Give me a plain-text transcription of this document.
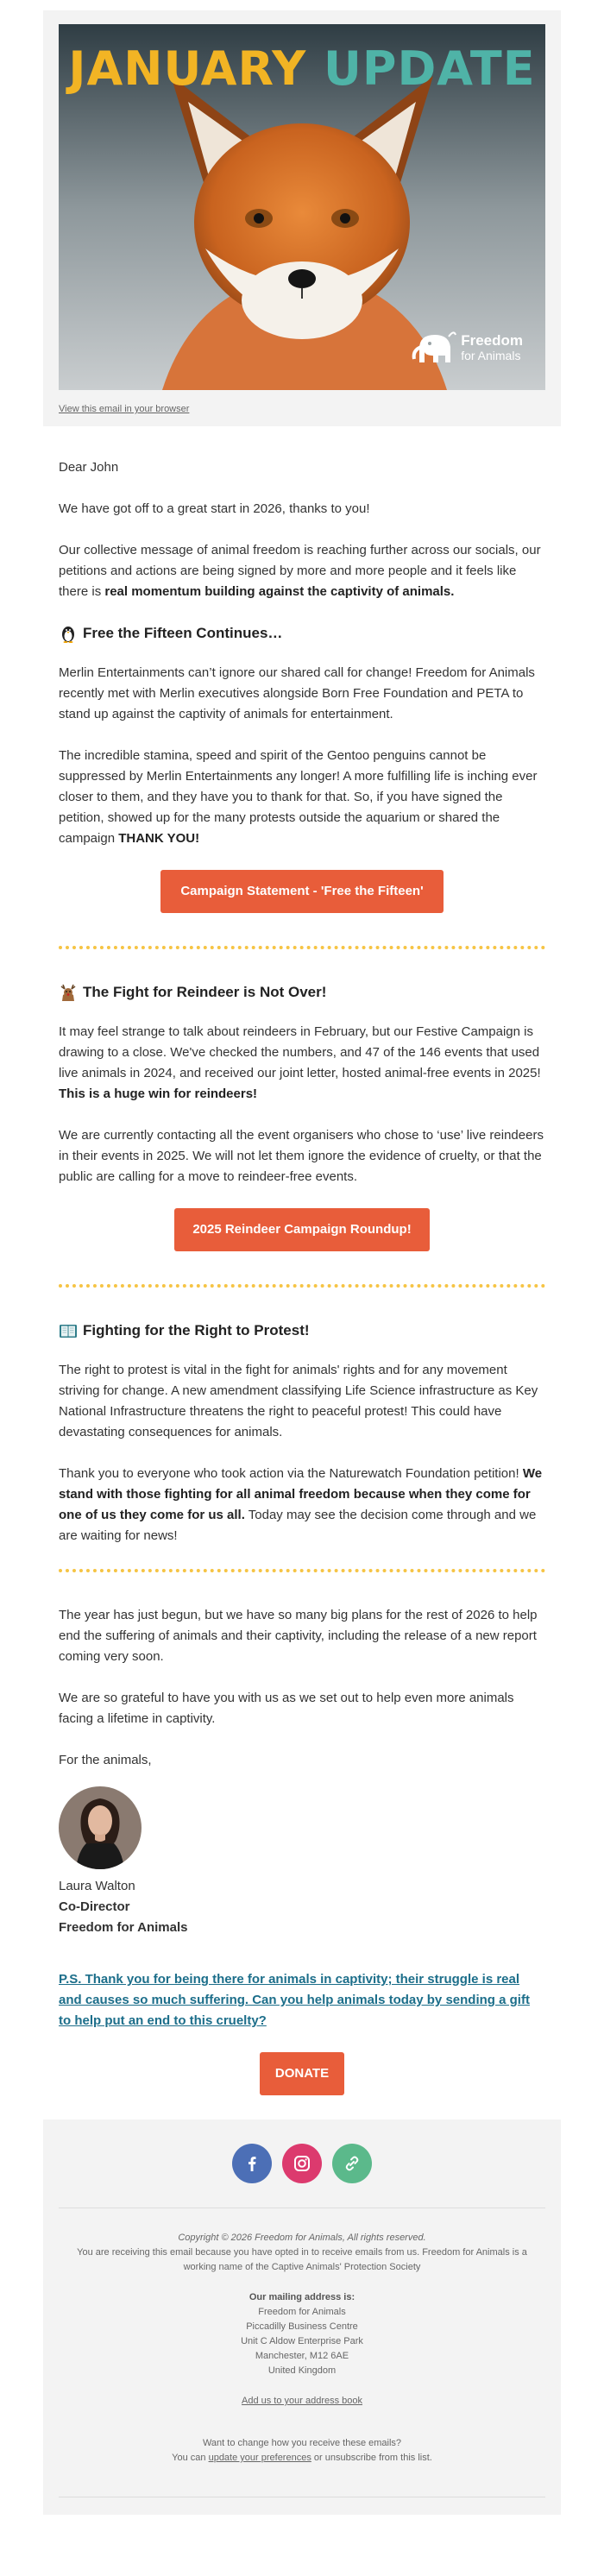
JANUARY UPDATE
Freedom
for Animals
View this email in your browser

Dear John

We have got off to a great start in 2026, thanks to you!

Our collective message of animal freedom is reaching further across our socials, our petitions and actions are being signed by more and more people and it feels like there is real momentum building against the captivity of animals.

Free the Fifteen Continues…

Merlin Entertainments can’t ignore our shared call for change! Freedom for Animals recently met with Merlin executives alongside Born Free Foundation and PETA to stand up against the captivity of animals for entertainment.

The incredible stamina, speed and spirit of the Gentoo penguins cannot be suppressed by Merlin Entertainments any longer! A more fulfilling life is inching ever closer to them, and they have you to thank for that. So, if you have signed the petition, showed up for the many protests outside the aquarium or shared the campaign THANK YOU!

Campaign Statement - 'Free the Fifteen'
The Fight for Reindeer is Not Over!

It may feel strange to talk about reindeers in February, but our Festive Campaign is drawing to a close. We've checked the numbers, and 47 of the 146 events that used live animals in 2024, and received our joint letter, hosted animal-free events in 2025! This is a huge win for reindeers!

We are currently contacting all the event organisers who chose to ‘use’ live reindeers in their events in 2025. We will not let them ignore the evidence of cruelty, or that the public are calling for a move to reindeer-free events.

2025 Reindeer Campaign Roundup!
Fighting for the Right to Protest!

The right to protest is vital in the fight for animals' rights and for any movement striving for change. A new amendment classifying Life Science infrastructure as Key National Infrastructure threatens the right to peaceful protest! This could have devastating consequences for animals.

Thank you to everyone who took action via the Naturewatch Foundation petition! We stand with those fighting for all animal freedom because when they come for one of us they come for us all. Today may see the decision come through and we are waiting for news!

The year has just begun, but we have so many big plans for the rest of 2026 to help end the suffering of animals and their captivity, including the release of a new report coming very soon.

We are so grateful to have you with us as we set out to help even more animals facing a lifetime in captivity.

For the animals,

Laura Walton
Co-Director
Freedom for Animals
P.S. Thank you for being there for animals in captivity; their struggle is real and causes so much suffering. Can you help animals today by sending a gift to help put an end to this cruelty?
DONATE
Copyright © 2026 Freedom for Animals, All rights reserved.
You are receiving this email because you have opted in to receive emails from us. Freedom for Animals is a working name of the Captive Animals' Protection Society
Our mailing address is:
Freedom for Animals
Piccadilly Business Centre
Unit C Aldow Enterprise Park
Manchester, M12 6AE
United Kingdom
Add us to your address book
Want to change how you receive these emails?
You can update your preferences or unsubscribe from this list.
